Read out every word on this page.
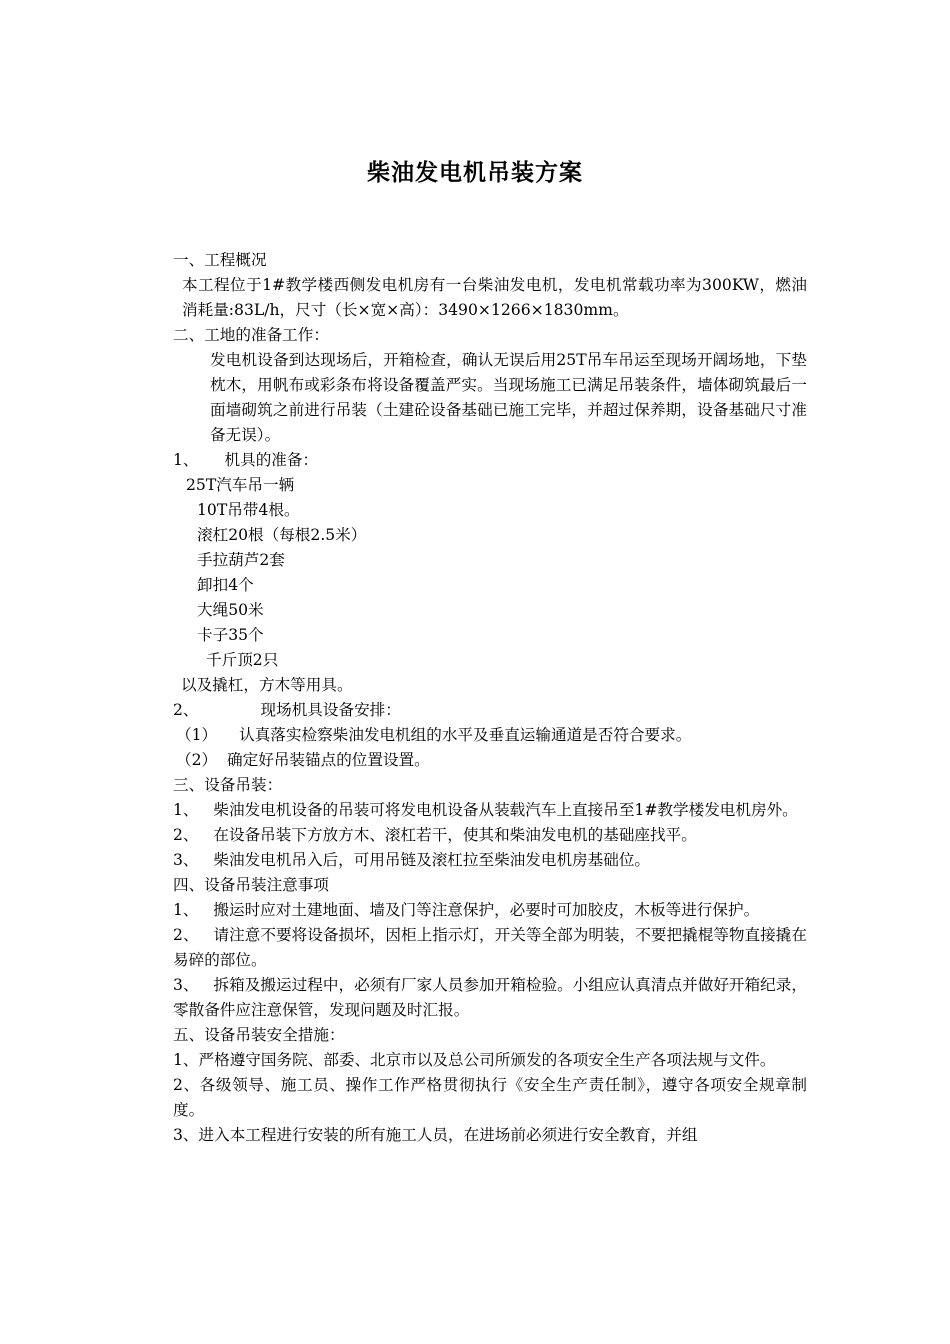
柴油发电机吊装方案

一、工程概况

本工程位于1#教学楼西侧发电机房有一台柴油发电机，发电机常载功率为300KW，燃油消耗量:83L/h，尺寸（长×宽×高）：3490×1266×1830mm。

二、工地的准备工作：

发电机设备到达现场后，开箱检查，确认无误后用25T吊车吊运至现场开阔场地，下垫枕木，用帆布或彩条布将设备覆盖严实。当现场施工已满足吊装条件，墙体砌筑最后一面墙砌筑之前进行吊装（土建砼设备基础已施工完毕，并超过保养期，设备基础尺寸准备无误）。

1、 机具的准备：

25T汽车吊一辆

10T吊带4根。

滚杠20根（每根2.5米）

手拉葫芦2套

卸扣4个

大绳50米

卡子35个

千斤顶2只

以及撬杠，方木等用具。

2、	现场机具设备安排：

（1） 认真落实检察柴油发电机组的水平及垂直运输通道是否符合要求。

（2） 确定好吊装锚点的位置设置。

三、设备吊装：

1、 柴油发电机设备的吊装可将发电机设备从装载汽车上直接吊至1#教学楼发电机房外。

2、 在设备吊装下方放方木、滚杠若干，使其和柴油发电机的基础座找平。

3、 柴油发电机吊入后，可用吊链及滚杠拉至柴油发电机房基础位。

四、设备吊装注意事项

1、 搬运时应对土建地面、墙及门等注意保护，必要时可加胶皮，木板等进行保护。

2、 请注意不要将设备损坏，因柜上指示灯，开关等全部为明装，不要把撬棍等物直接撬在易碎的部位。

3、 拆箱及搬运过程中，必须有厂家人员参加开箱检验。小组应认真清点并做好开箱纪录，零散备件应注意保管，发现问题及时汇报。

五、设备吊装安全措施：

1、严格遵守国务院、部委、北京市以及总公司所颁发的各项安全生产各项法规与文件。

2、各级领导、施工员、操作工作严格贯彻执行《安全生产责任制》，遵守各项安全规章制度。

3、进入本工程进行安装的所有施工人员，在进场前必须进行安全教育，并组
